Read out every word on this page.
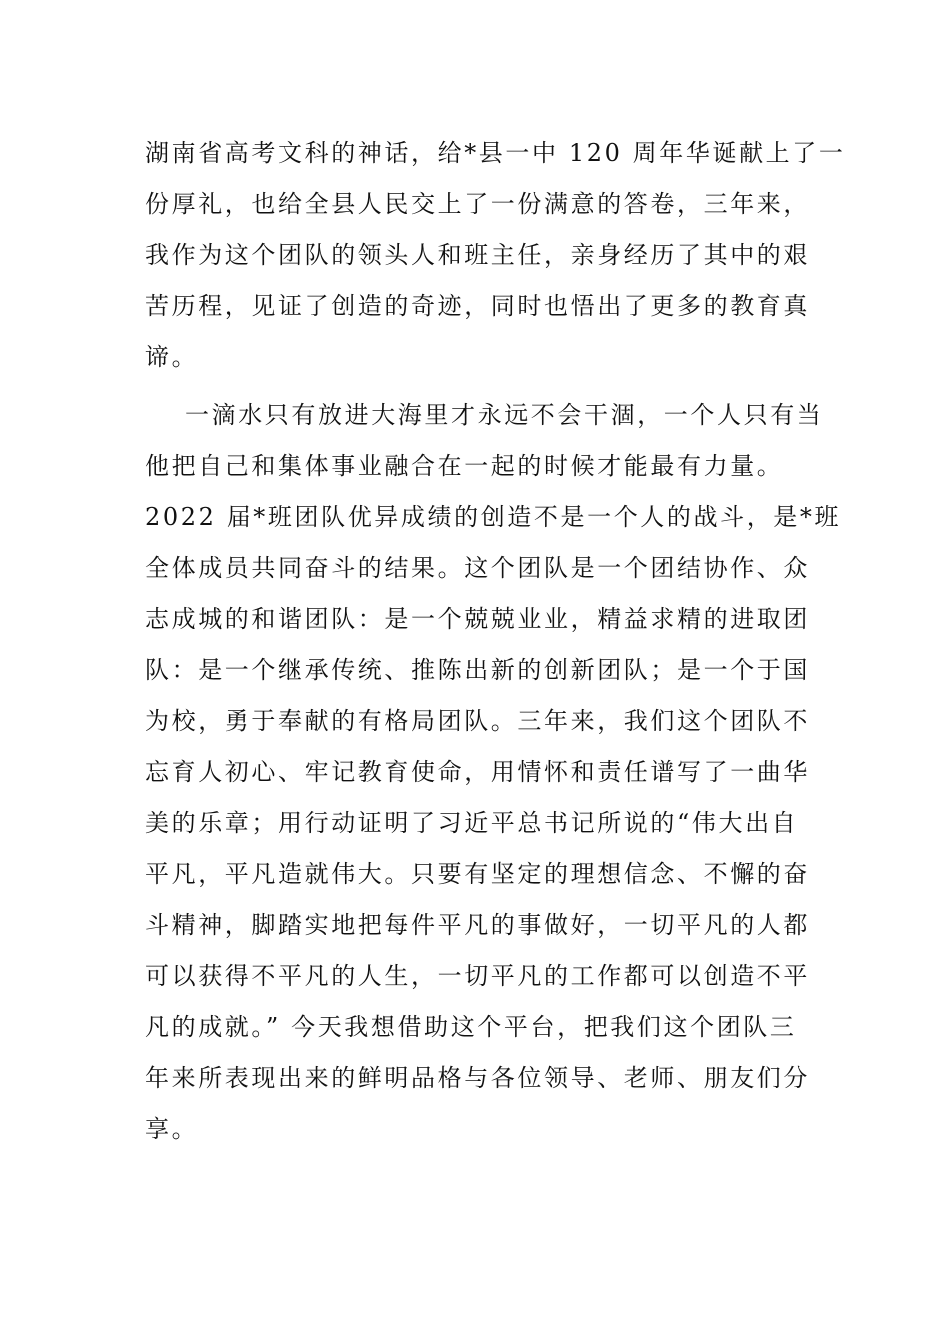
湖南省高考文科的神话，给*县一中 120 周年华诞献上了一
份厚礼，也给全县人民交上了一份满意的答卷，三年来，
我作为这个团队的领头人和班主任，亲身经历了其中的艰
苦历程，见证了创造的奇迹，同时也悟出了更多的教育真
谛。
一滴水只有放进大海里才永远不会干涸，一个人只有当
他把自己和集体事业融合在一起的时候才能最有力量。
2022 届*班团队优异成绩的创造不是一个人的战斗，是*班
全体成员共同奋斗的结果。这个团队是一个团结协作、众
志成城的和谐团队：是一个兢兢业业，精益求精的进取团
队：是一个继承传统、推陈出新的创新团队；是一个于国
为校，勇于奉献的有格局团队。三年来，我们这个团队不
忘育人初心、牢记教育使命，用情怀和责任谱写了一曲华
美的乐章；用行动证明了习近平总书记所说的“伟大出自
平凡，平凡造就伟大。只要有坚定的理想信念、不懈的奋
斗精神，脚踏实地把每件平凡的事做好，一切平凡的人都
可以获得不平凡的人生，一切平凡的工作都可以创造不平
凡的成就。” 今天我想借助这个平台，把我们这个团队三
年来所表现出来的鲜明品格与各位领导、老师、朋友们分
享。
